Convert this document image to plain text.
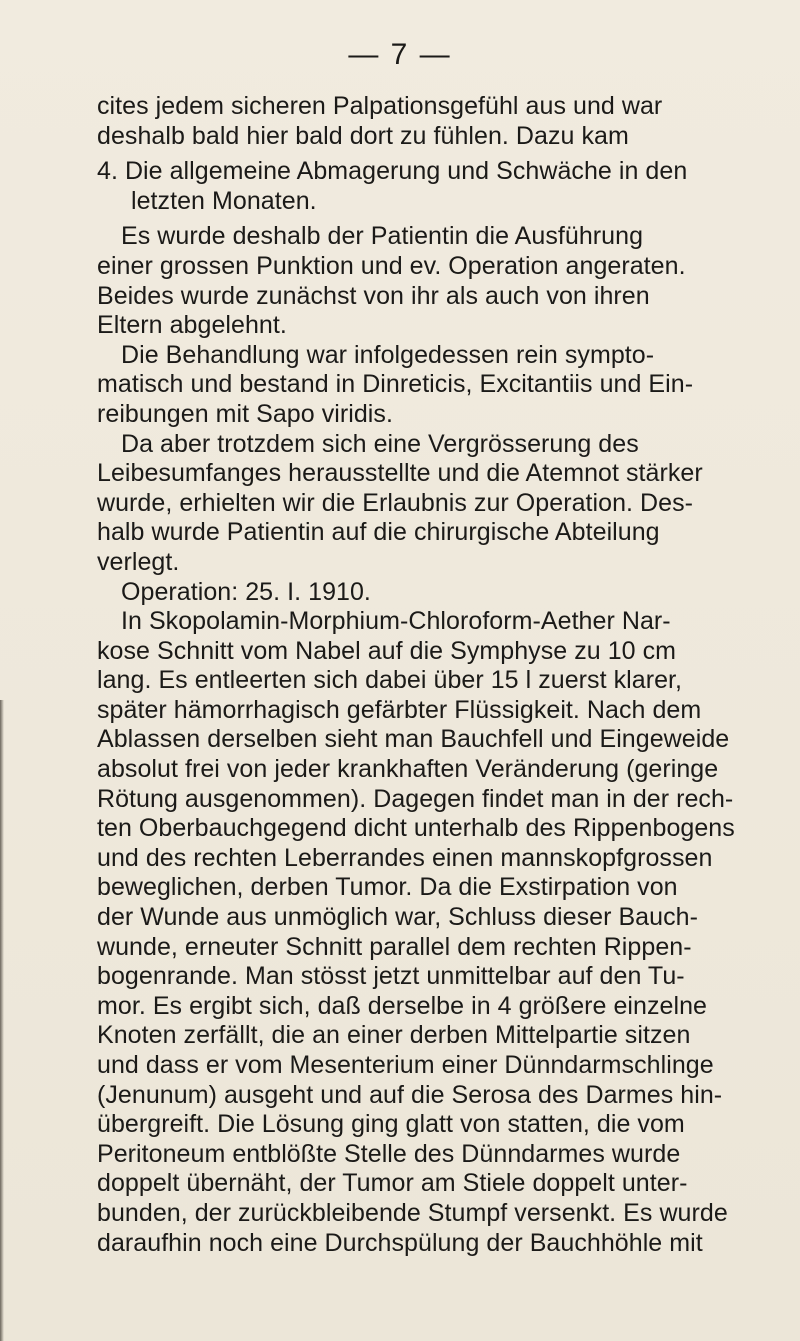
— 7 —
cites jedem sicheren Palpationsgefühl aus und war
deshalb bald hier bald dort zu fühlen. Dazu kam
4. Die allgemeine Abmagerung und Schwäche in den
letzten Monaten.
Es wurde deshalb der Patientin die Ausführung
einer grossen Punktion und ev. Operation angeraten.
Beides wurde zunächst von ihr als auch von ihren
Eltern abgelehnt.
Die Behandlung war infolgedessen rein sympto-
matisch und bestand in Dinreticis, Excitantiis und Ein-
reibungen mit Sapo viridis.
Da aber trotzdem sich eine Vergrösserung des
Leibesumfanges herausstellte und die Atemnot stärker
wurde, erhielten wir die Erlaubnis zur Operation. Des-
halb wurde Patientin auf die chirurgische Abteilung
verlegt.
Operation: 25. I. 1910.
In Skopolamin-Morphium-Chloroform-Aether Nar-
kose Schnitt vom Nabel auf die Symphyse zu 10 cm
lang. Es entleerten sich dabei über 15 l zuerst klarer,
später hämorrhagisch gefärbter Flüssigkeit. Nach dem
Ablassen derselben sieht man Bauchfell und Eingeweide
absolut frei von jeder krankhaften Veränderung (geringe
Rötung ausgenommen). Dagegen findet man in der rech-
ten Oberbauchgegend dicht unterhalb des Rippenbogens
und des rechten Leberrandes einen mannskopfgrossen
beweglichen, derben Tumor. Da die Exstirpation von
der Wunde aus unmöglich war, Schluss dieser Bauch-
wunde, erneuter Schnitt parallel dem rechten Rippen-
bogenrande. Man stösst jetzt unmittelbar auf den Tu-
mor. Es ergibt sich, daß derselbe in 4 größere einzelne
Knoten zerfällt, die an einer derben Mittelpartie sitzen
und dass er vom Mesenterium einer Dünndarmschlinge
(Jenunum) ausgeht und auf die Serosa des Darmes hin-
übergreift. Die Lösung ging glatt von statten, die vom
Peritoneum entblößte Stelle des Dünndarmes wurde
doppelt übernäht, der Tumor am Stiele doppelt unter-
bunden, der zurückbleibende Stumpf versenkt. Es wurde
daraufhin noch eine Durchspülung der Bauchhöhle mit
